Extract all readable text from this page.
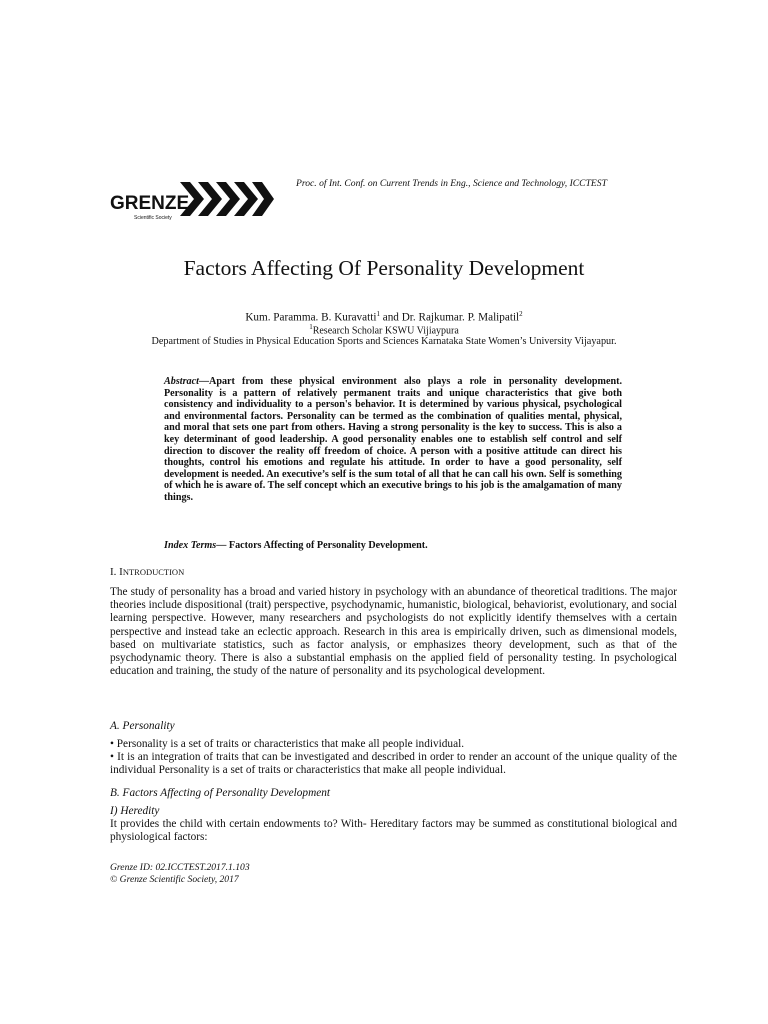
Proc. of Int. Conf. on Current Trends in Eng., Science and Technology, ICCTEST
GRENZE
Scientific Society
Factors Affecting Of Personality Development
Kum. Paramma. B. Kuravatti$^1$ and Dr. Rajkumar. P. Malipatil$^2$
$^1$Research Scholar KSWU Vijiaypura
Department of Studies in Physical Education Sports and Sciences Karnataka State Women’s University Vijayapur.
Abstract—Apart from these physical environment also plays a role in personality development. Personality is a pattern of relatively permanent traits and unique characteristics that give both consistency and individuality to a person's behavior. It is determined by various physical, psychological and environmental factors. Personality can be termed as the combination of qualities mental, physical, and moral that sets one part from others. Having a strong personality is the key to success. This is also a key determinant of good leadership. A good personality enables one to establish self control and self direction to discover the reality off freedom of choice. A person with a positive attitude can direct his thoughts, control his emotions and regulate his attitude. In order to have a good personality, self development is needed. An executive’s self is the sum total of all that he can call his own. Self is something of which he is aware of. The self concept which an executive brings to his job is the amalgamation of many things.
Index Terms— Factors Affecting of Personality Development.
I. INTRODUCTION
The study of personality has a broad and varied history in psychology with an abundance of theoretical traditions. The major theories include dispositional (trait) perspective, psychodynamic, humanistic, biological, behaviorist, evolutionary, and social learning perspective. However, many researchers and psychologists do not explicitly identify themselves with a certain perspective and instead take an eclectic approach. Research in this area is empirically driven, such as dimensional models, based on multivariate statistics, such as factor analysis, or emphasizes theory development, such as that of the psychodynamic theory. There is also a substantial emphasis on the applied field of personality testing. In psychological education and training, the study of the nature of personality and its psychological development.
A. Personality
• Personality is a set of traits or characteristics that make all people individual.
• It is an integration of traits that can be investigated and described in order to render an account of the unique quality of the individual Personality is a set of traits or characteristics that make all people individual.
B. Factors Affecting of Personality Development
I) Heredity
It provides the child with certain endowments to? With- Hereditary factors may be summed as constitutional biological and physiological factors:
Grenze ID: 02.ICCTEST.2017.1.103
© Grenze Scientific Society, 2017
